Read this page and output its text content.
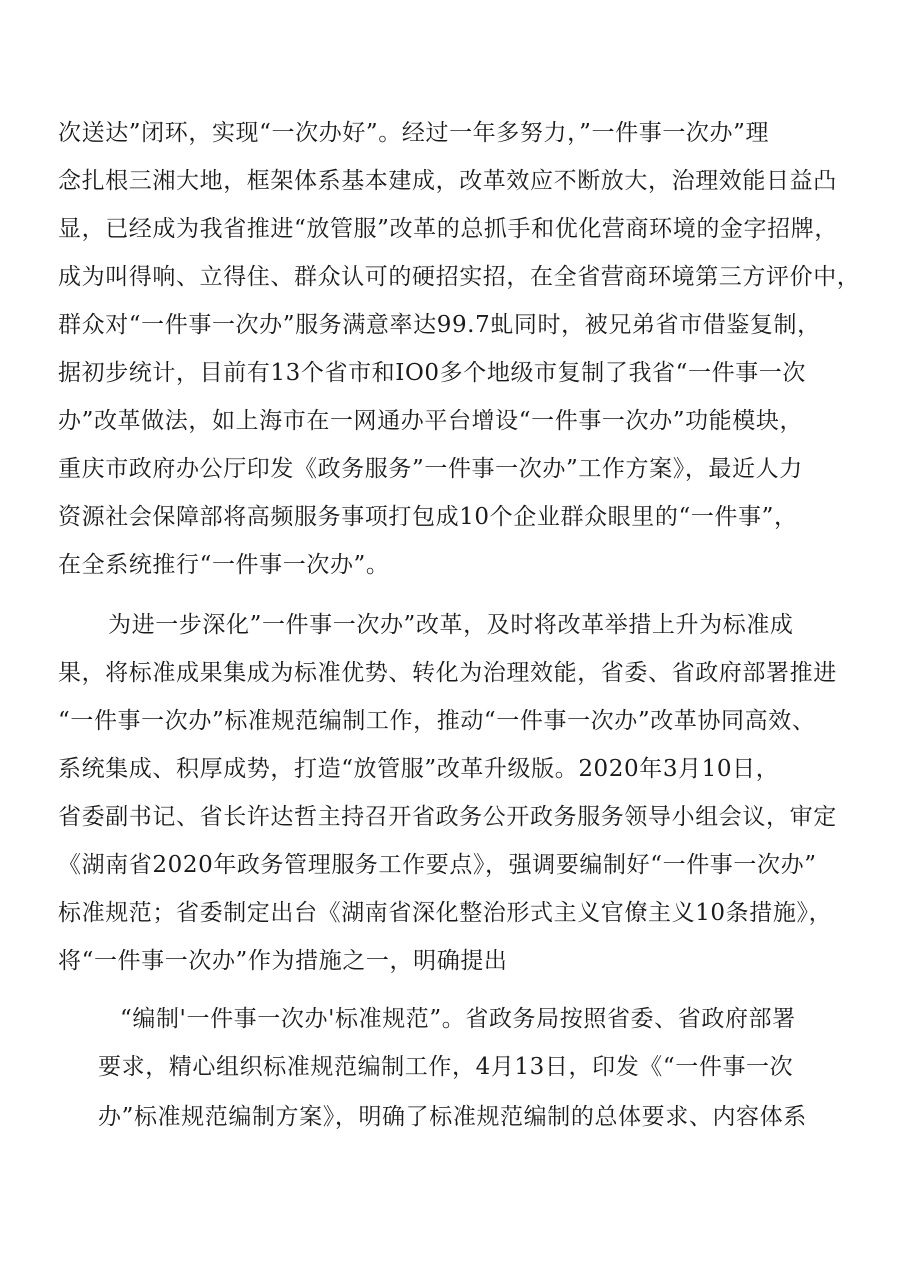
次送达”闭环，实现“一次办好”。经过一年多努力，”一件事一次办”理
念扎根三湘大地，框架体系基本建成，改革效应不断放大，治理效能日益凸
显，已经成为我省推进“放管服”改革的总抓手和优化营商环境的金字招牌，
成为叫得响、立得住、群众认可的硬招实招，在全省营商环境第三方评价中，
群众对“一件事一次办”服务满意率达99.7虬同时，被兄弟省市借鉴复制，
据初步统计，目前有13个省市和IO0多个地级市复制了我省“一件事一次
办”改革做法，如上海市在一网通办平台增设“一件事一次办”功能模块，
重庆市政府办公厅印发《政务服务”一件事一次办”工作方案》，最近人力
资源社会保障部将高频服务事项打包成10个企业群众眼里的“一件事”，
在全系统推行“一件事一次办”。
为进一步深化”一件事一次办”改革，及时将改革举措上升为标准成
果，将标准成果集成为标准优势、转化为治理效能，省委、省政府部署推进
“一件事一次办”标准规范编制工作，推动“一件事一次办”改革协同高效、
系统集成、积厚成势，打造“放管服”改革升级版。2020年3月10日，
省委副书记、省长许达哲主持召开省政务公开政务服务领导小组会议，审定
《湖南省2020年政务管理服务工作要点》，强调要编制好“一件事一次办”
标准规范；省委制定出台《湖南省深化整治形式主义官僚主义10条措施》，
将“一件事一次办”作为措施之一，明确提出
“编制'一件事一次办'标准规范”。省政务局按照省委、省政府部署
要求，精心组织标准规范编制工作，4月13日，印发《“一件事一次
办”标准规范编制方案》，明确了标准规范编制的总体要求、内容体系
